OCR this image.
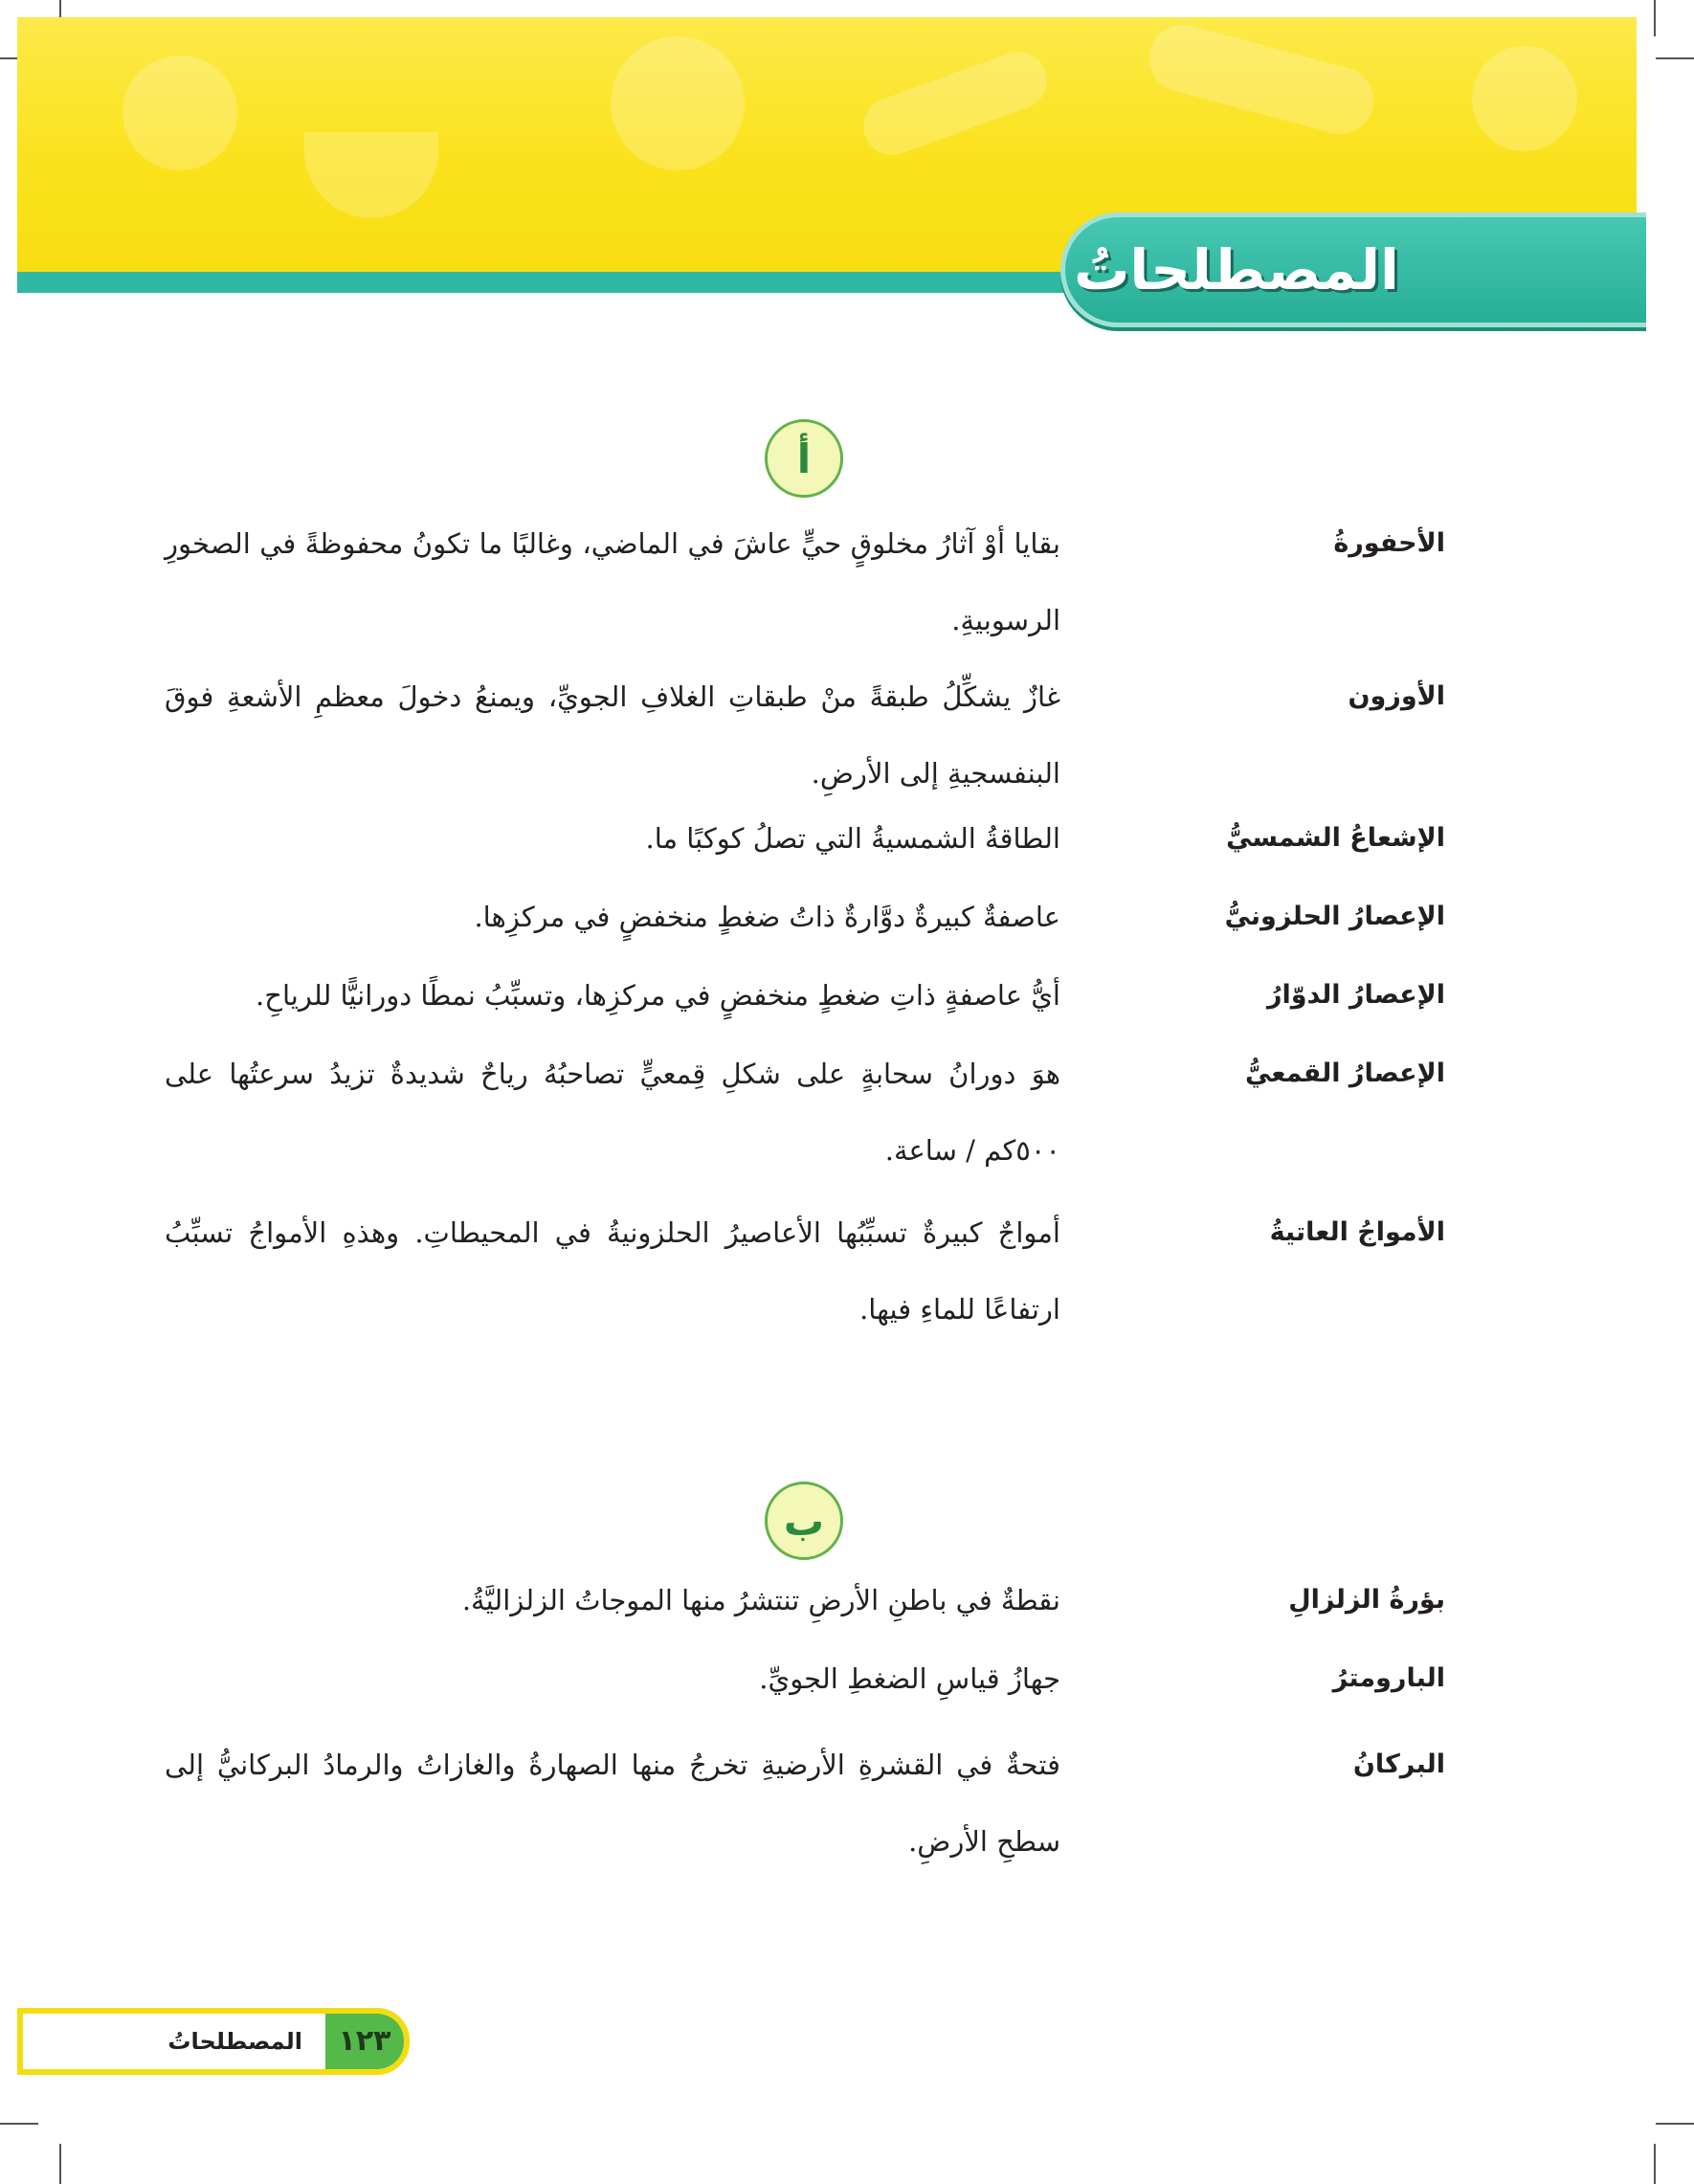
المصطلحاتُ
أ
الأحفورةُ
بقايا أوْ آثارُ مخلوقٍ حيٍّ عاشَ في الماضي، وغالبًا ما تكونُ محفوظةً في الصخورِ الرسوبيةِ.
الأوزون
غازٌ يشكِّلُ طبقةً منْ طبقاتِ الغلافِ الجويِّ، ويمنعُ دخولَ معظمِ الأشعةِ فوقَ البنفسجيةِ إلى الأرضِ.
الإشعاعُ الشمسيُّ
الطاقةُ الشمسيةُ التي تصلُ كوكبًا ما.
الإعصارُ الحلزونيُّ
عاصفةٌ كبيرةٌ دوَّارةٌ ذاتُ ضغطٍ منخفضٍ في مركزِها.
الإعصارُ الدوّارُ
أيُّ عاصفةٍ ذاتِ ضغطٍ منخفضٍ في مركزِها، وتسبِّبُ نمطًا دورانيًّا للرياحِ.
الإعصارُ القمعيُّ
هوَ دورانُ سحابةٍ على شكلِ قِمعيٍّ تصاحبُهُ رياحٌ شديدةٌ تزيدُ سرعتُها على ٥٠٠كم / ساعة.
الأمواجُ العاتيةُ
أمواجٌ كبيرةٌ تسبِّبُها الأعاصيرُ الحلزونيةُ في المحيطاتِ. وهذهِ الأمواجُ تسبِّبُ ارتفاعًا للماءِ فيها.
ب
بؤرةُ الزلزالِ
نقطةٌ في باطنِ الأرضِ تنتشرُ منها الموجاتُ الزلزاليَّةُ.
البارومترُ
جهازُ قياسِ الضغطِ الجويِّ.
البركانُ
فتحةٌ في القشرةِ الأرضيةِ تخرجُ منها الصهارةُ والغازاتُ والرمادُ البركانيُّ إلى سطحِ الأرضِ.
المصطلحاتُ	١٢٣
